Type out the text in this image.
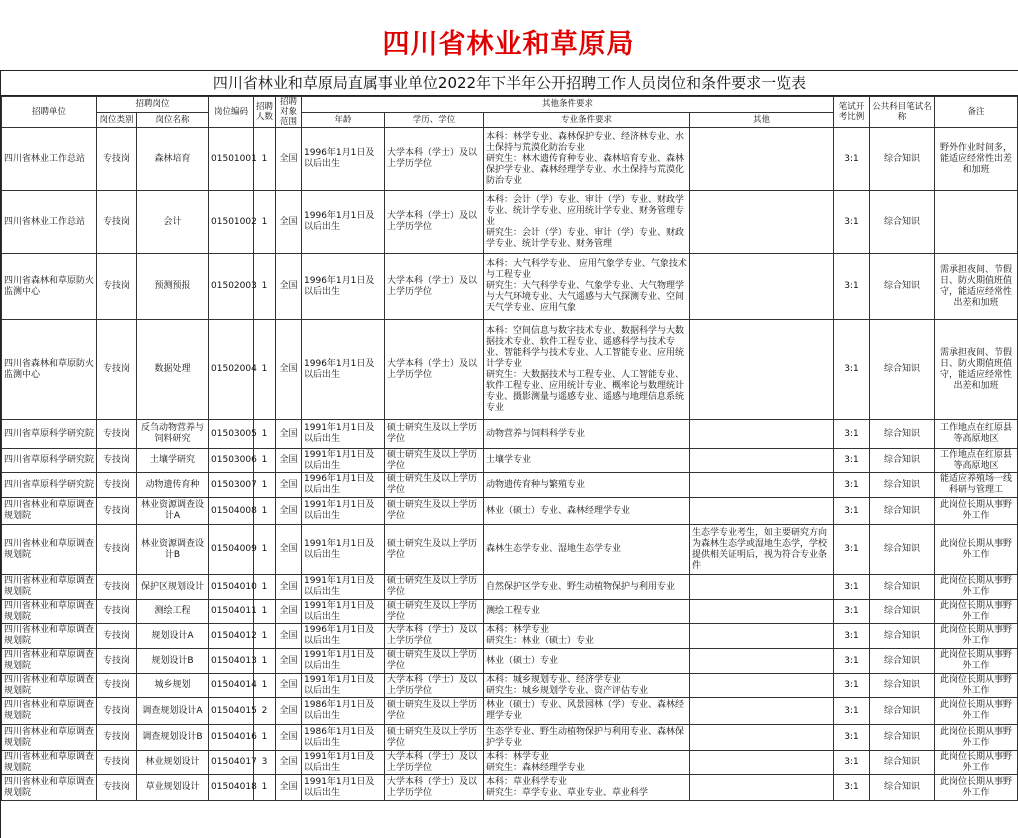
四川省林业和草原局
四川省林业和草原局直属事业单位2022年下半年公开招聘工作人员岗位和条件要求一览表
招聘单位	招聘岗位		岗位编码	招聘人数	招聘对象范围	其他条件要求				笔试开考比例	公共科目笔试名称	备注
	岗位类别	岗位名称				年龄	学历、学位	专业条件要求	其他			

四川省林业工作总站	专技岗	森林培育	01501001	1	全国	1996年1月1日及以后出生	大学本科（学士）及以上学历学位	本科：林学专业、森林保护专业、经济林专业、水土保持与荒漠化防治专业
研究生：林木遗传育种专业、森林培育专业、森林保护学专业、森林经理学专业、水土保持与荒漠化防治专业		3:1	综合知识	野外作业时间多，能适应经常性出差和加班

四川省林业工作总站	专技岗	会计	01501002	1	全国	1996年1月1日及以后出生	大学本科（学士）及以上学历学位	本科：会计（学）专业、审计（学）专业、财政学专业、统计学专业、应用统计学专业、财务管理专业
研究生：会计（学）专业、审计（学）专业、财政学专业、统计学专业、财务管理		3:1	综合知识	

四川省森林和草原防火监测中心	专技岗	预测预报	01502003	1	全国	1996年1月1日及以后出生	大学本科（学士）及以上学历学位	本科：大气科学专业、 应用气象学专业、气象技术与工程专业
研究生：大气科学专业、气象学专业、大气物理学与大气环境专业、大气遥感与大气探测专业、空间天气学专业、应用气象		3:1	综合知识	需承担夜间、节假日、防火期值班值守，能适应经常性出差和加班

四川省森林和草原防火监测中心	专技岗	数据处理	01502004	1	全国	1996年1月1日及以后出生	大学本科（学士）及以上学历学位	本科：空间信息与数字技术专业、数据科学与大数据技术专业、软件工程专业、遥感科学与技术专业、智能科学与技术专业、人工智能专业、应用统计学专业
研究生：大数据技术与工程专业、人工智能专业、软件工程专业、应用统计专业、概率论与数理统计专业、摄影测量与遥感专业、遥感与地理信息系统专业		3:1	综合知识	需承担夜间、节假日、防火期值班值守，能适应经常性出差和加班

四川省草原科学研究院	专技岗	反刍动物营养与饲料研究	01503005	1	全国	1991年1月1日及以后出生	硕士研究生及以上学历学位	动物营养与饲料科学专业		3:1	综合知识	工作地点在红原县等高原地区

四川省草原科学研究院	专技岗	土壤学研究	01503006	1	全国	1991年1月1日及以后出生	硕士研究生及以上学历学位	土壤学专业		3:1	综合知识	工作地点在红原县等高原地区

四川省草原科学研究院	专技岗	动物遗传育种	01503007	1	全国	1996年1月1日及以后出生	硕士研究生及以上学历学位	动物遗传育种与繁殖专业		3:1	综合知识	能适应养殖场一线科研与管理工

四川省林业和草原调查规划院	专技岗	林业资源调查设计A	01504008	1	全国	1991年1月1日及以后出生	硕士研究生及以上学历学位	林业（硕士）专业、森林经理学专业		3:1	综合知识	此岗位长期从事野外工作

四川省林业和草原调查规划院	专技岗	林业资源调查设计B	01504009	1	全国	1991年1月1日及以后出生	硕士研究生及以上学历学位	森林生态学专业、湿地生态学专业	生态学专业考生，如主要研究方向为森林生态学或湿地生态学，学校提供相关证明后，视为符合专业条件	3:1	综合知识	此岗位长期从事野外工作

四川省林业和草原调查规划院	专技岗	保护区规划设计	01504010	1	全国	1991年1月1日及以后出生	硕士研究生及以上学历学位	自然保护区学专业、野生动植物保护与利用专业		3:1	综合知识	此岗位长期从事野外工作

四川省林业和草原调查规划院	专技岗	测绘工程	01504011	1	全国	1991年1月1日及以后出生	硕士研究生及以上学历学位	测绘工程专业		3:1	综合知识	此岗位长期从事野外工作

四川省林业和草原调查规划院	专技岗	规划设计A	01504012	1	全国	1996年1月1日及以后出生	大学本科（学士）及以上学历学位	本科：林学专业
研究生：林业（硕士）专业		3:1	综合知识	此岗位长期从事野外工作

四川省林业和草原调查规划院	专技岗	规划设计B	01504013	1	全国	1991年1月1日及以后出生	硕士研究生及以上学历学位	林业（硕士）专业		3:1	综合知识	此岗位长期从事野外工作

四川省林业和草原调查规划院	专技岗	城乡规划	01504014	1	全国	1991年1月1日及以后出生	大学本科（学士）及以上学历学位	本科：城乡规划专业、经济学专业
研究生：城乡规划学专业、资产评估专业		3:1	综合知识	此岗位长期从事野外工作

四川省林业和草原调查规划院	专技岗	调查规划设计A	01504015	2	全国	1986年1月1日及以后出生	硕士研究生及以上学历学位	林业（硕士）专业、风景园林（学）专业、森林经理学专业		3:1	综合知识	此岗位长期从事野外工作

四川省林业和草原调查规划院	专技岗	调查规划设计B	01504016	1	全国	1986年1月1日及以后出生	硕士研究生及以上学历学位	生态学专业、野生动植物保护与利用专业、森林保护学专业		3:1	综合知识	此岗位长期从事野外工作

四川省林业和草原调查规划院	专技岗	林业规划设计	01504017	3	全国	1991年1月1日及以后出生	大学本科（学士）及以上学历学位	本科：林学专业
研究生：森林经理学专业		3:1	综合知识	此岗位长期从事野外工作

四川省林业和草原调查规划院	专技岗	草业规划设计	01504018	1	全国	1991年1月1日及以后出生	大学本科（学士）及以上学历学位	本科：草业科学专业
研究生：草学专业、草业专业、草业科学		3:1	综合知识	此岗位长期从事野外工作
